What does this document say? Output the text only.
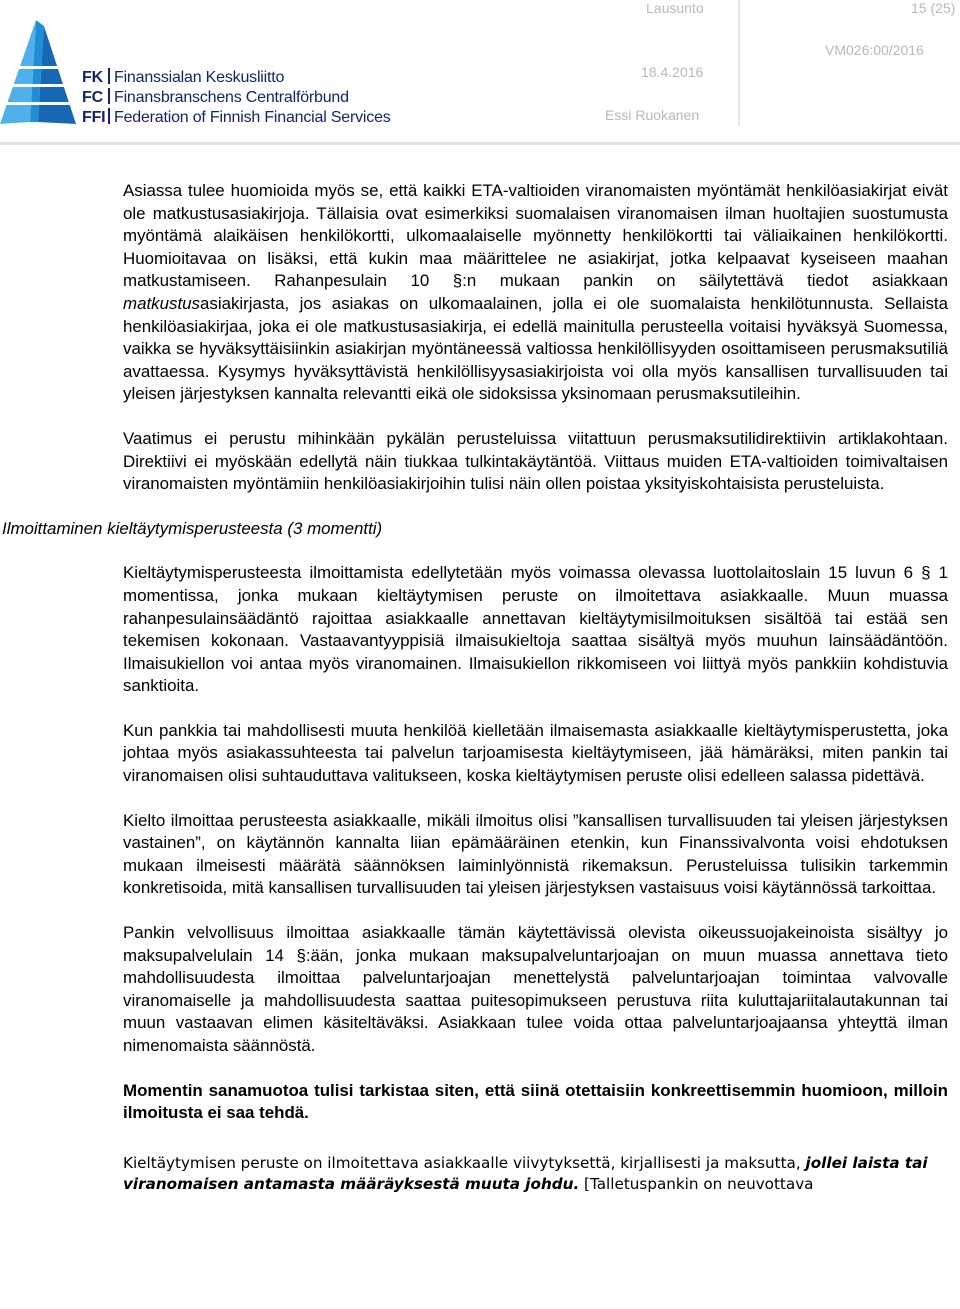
FK Finanssialan Keskusliitto
FC Finansbranschens Centralförbund
FFI Federation of Finnish Financial Services
Lausunto	15 (25)
VM026:00/2016
18.4.2016
Essi Ruokanen

Asiassa tulee huomioida myös se, että kaikki ETA-valtioiden viranomaisten myöntämät henkilöasiakirjat eivät ole matkustusasiakirjoja. Tällaisia ovat esimerkiksi suomalaisen viranomaisen ilman huoltajien suostumusta myöntämä alaikäisen henkilökortti, ulkomaalaiselle myönnetty henkilökortti tai väliaikainen henkilökortti. Huomioitavaa on lisäksi, että kukin maa määrittelee ne asiakirjat, jotka kelpaavat kyseiseen maahan matkustamiseen. Rahanpesulain 10 §:n mukaan pankin on säilytettävä tiedot asiakkaan matkustusasiakirjasta, jos asiakas on ulkomaalainen, jolla ei ole suomalaista henkilötunnusta. Sellaista henkilöasiakirjaa, joka ei ole matkustusasiakirja, ei edellä mainitulla perusteella voitaisi hyväksyä Suomessa, vaikka se hyväksyttäisiinkin asiakirjan myöntäneessä valtiossa henkilöllisyyden osoittamiseen perusmaksutiliä avattaessa. Kysymys hyväksyttävistä henkilöllisyysasiakirjoista voi olla myös kansallisen turvallisuuden tai yleisen järjestyksen kannalta relevantti eikä ole sidoksissa yksinomaan perusmaksutileihin.

Vaatimus ei perustu mihinkään pykälän perusteluissa viitattuun perusmaksutilidirektiivin artiklakohtaan. Direktiivi ei myöskään edellytä näin tiukkaa tulkintakäytäntöä. Viittaus muiden ETA-valtioiden toimivaltaisen viranomaisten myöntämiin henkilöasiakirjoihin tulisi näin ollen poistaa yksityiskohtaisista perusteluista.

Ilmoittaminen kieltäytymisperusteesta (3 momentti)

Kieltäytymisperusteesta ilmoittamista edellytetään myös voimassa olevassa luottolaitoslain 15 luvun 6 § 1 momentissa, jonka mukaan kieltäytymisen peruste on ilmoitettava asiakkaalle. Muun muassa rahanpesulainsäädäntö rajoittaa asiakkaalle annettavan kieltäytymisilmoituksen sisältöä tai estää sen tekemisen kokonaan. Vastaavantyyppisiä ilmaisukieltoja saattaa sisältyä myös muuhun lainsäädäntöön. Ilmaisukiellon voi antaa myös viranomainen. Ilmaisukiellon rikkomiseen voi liittyä myös pankkiin kohdistuvia sanktioita.

Kun pankkia tai mahdollisesti muuta henkilöä kielletään ilmaisemasta asiakkaalle kieltäytymisperustetta, joka johtaa myös asiakassuhteesta tai palvelun tarjoamisesta kieltäytymiseen, jää hämäräksi, miten pankin tai viranomaisen olisi suhtauduttava valitukseen, koska kieltäytymisen peruste olisi edelleen salassa pidettävä.

Kielto ilmoittaa perusteesta asiakkaalle, mikäli ilmoitus olisi ”kansallisen turvallisuuden tai yleisen järjestyksen vastainen”, on käytännön kannalta liian epämääräinen etenkin, kun Finanssivalvonta voisi ehdotuksen mukaan ilmeisesti määrätä säännöksen laiminlyönnistä rikemaksun. Perusteluissa tulisikin tarkemmin konkretisoida, mitä kansallisen turvallisuuden tai yleisen järjestyksen vastaisuus voisi käytännössä tarkoittaa.

Pankin velvollisuus ilmoittaa asiakkaalle tämän käytettävissä olevista oikeussuojakeinoista sisältyy jo maksupalvelulain 14 §:ään, jonka mukaan maksupalveluntarjoajan on muun muassa annettava tieto mahdollisuudesta ilmoittaa palveluntarjoajan menettelystä palveluntarjoajan toimintaa valvovalle viranomaiselle ja mahdollisuudesta saattaa puitesopimukseen perustuva riita kuluttajariitalautakunnan tai muun vastaavan elimen käsiteltäväksi. Asiakkaan tulee voida ottaa palveluntarjoajaansa yhteyttä ilman nimenomaista säännöstä.

Momentin sanamuotoa tulisi tarkistaa siten, että siinä otettaisiin konkreettisemmin huomioon, milloin ilmoitusta ei saa tehdä.

Kieltäytymisen peruste on ilmoitettava asiakkaalle viivytyksettä, kirjallisesti ja maksutta, jollei laista tai viranomaisen antamasta määräyksestä muuta johdu. [Talletuspankin on neuvottava
